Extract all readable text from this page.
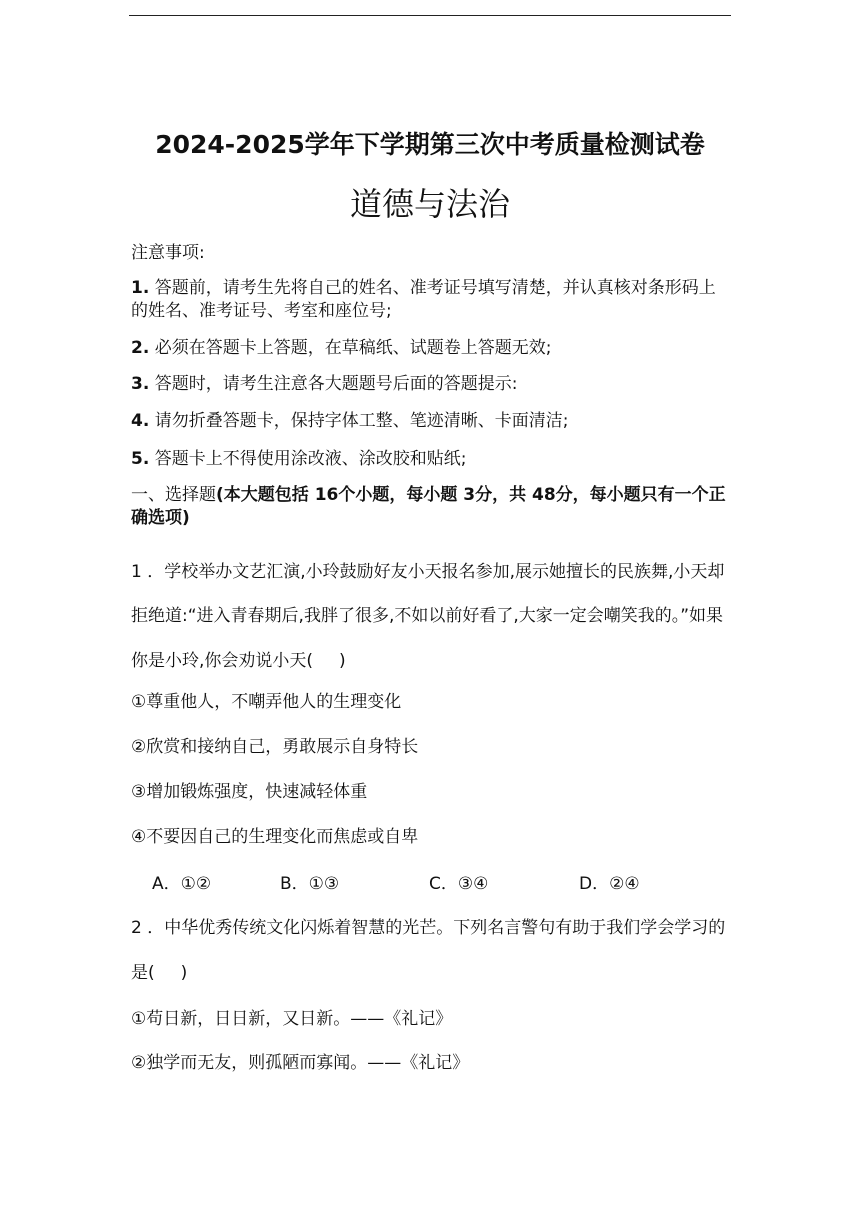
2024-2025学年下学期第三次中考质量检测试卷
道德与法治
注意事项:
1. 答题前，请考生先将自己的姓名、准考证号填写清楚，并认真核对条形码上
的姓名、准考证号、考室和座位号;
2. 必须在答题卡上答题，在草稿纸、试题卷上答题无效;
3. 答题时，请考生注意各大题题号后面的答题提示:
4. 请勿折叠答题卡，保持字体工整、笔迹清晰、卡面清洁;
5. 答题卡上不得使用涂改液、涂改胶和贴纸;
一、选择题(本大题包括 16个小题，每小题 3分，共 48分，每小题只有一个正
确选项)
1 ．学校举办文艺汇演,小玲鼓励好友小天报名参加,展示她擅长的民族舞,小天却
拒绝道:“进入青春期后,我胖了很多,不如以前好看了,大家一定会嘲笑我的。”如果
你是小玲,你会劝说小天( )
①尊重他人，不嘲弄他人的生理变化
②欣赏和接纳自己，勇敢展示自身特长
③增加锻炼强度，快速减轻体重
④不要因自己的生理变化而焦虑或自卑
A．①②	B．①③	C．③④	D．②④
2 ．中华优秀传统文化闪烁着智慧的光芒。下列名言警句有助于我们学会学习的
是( )
①苟日新，日日新，又日新。——《礼记》
②独学而无友，则孤陋而寡闻。——《礼记》
